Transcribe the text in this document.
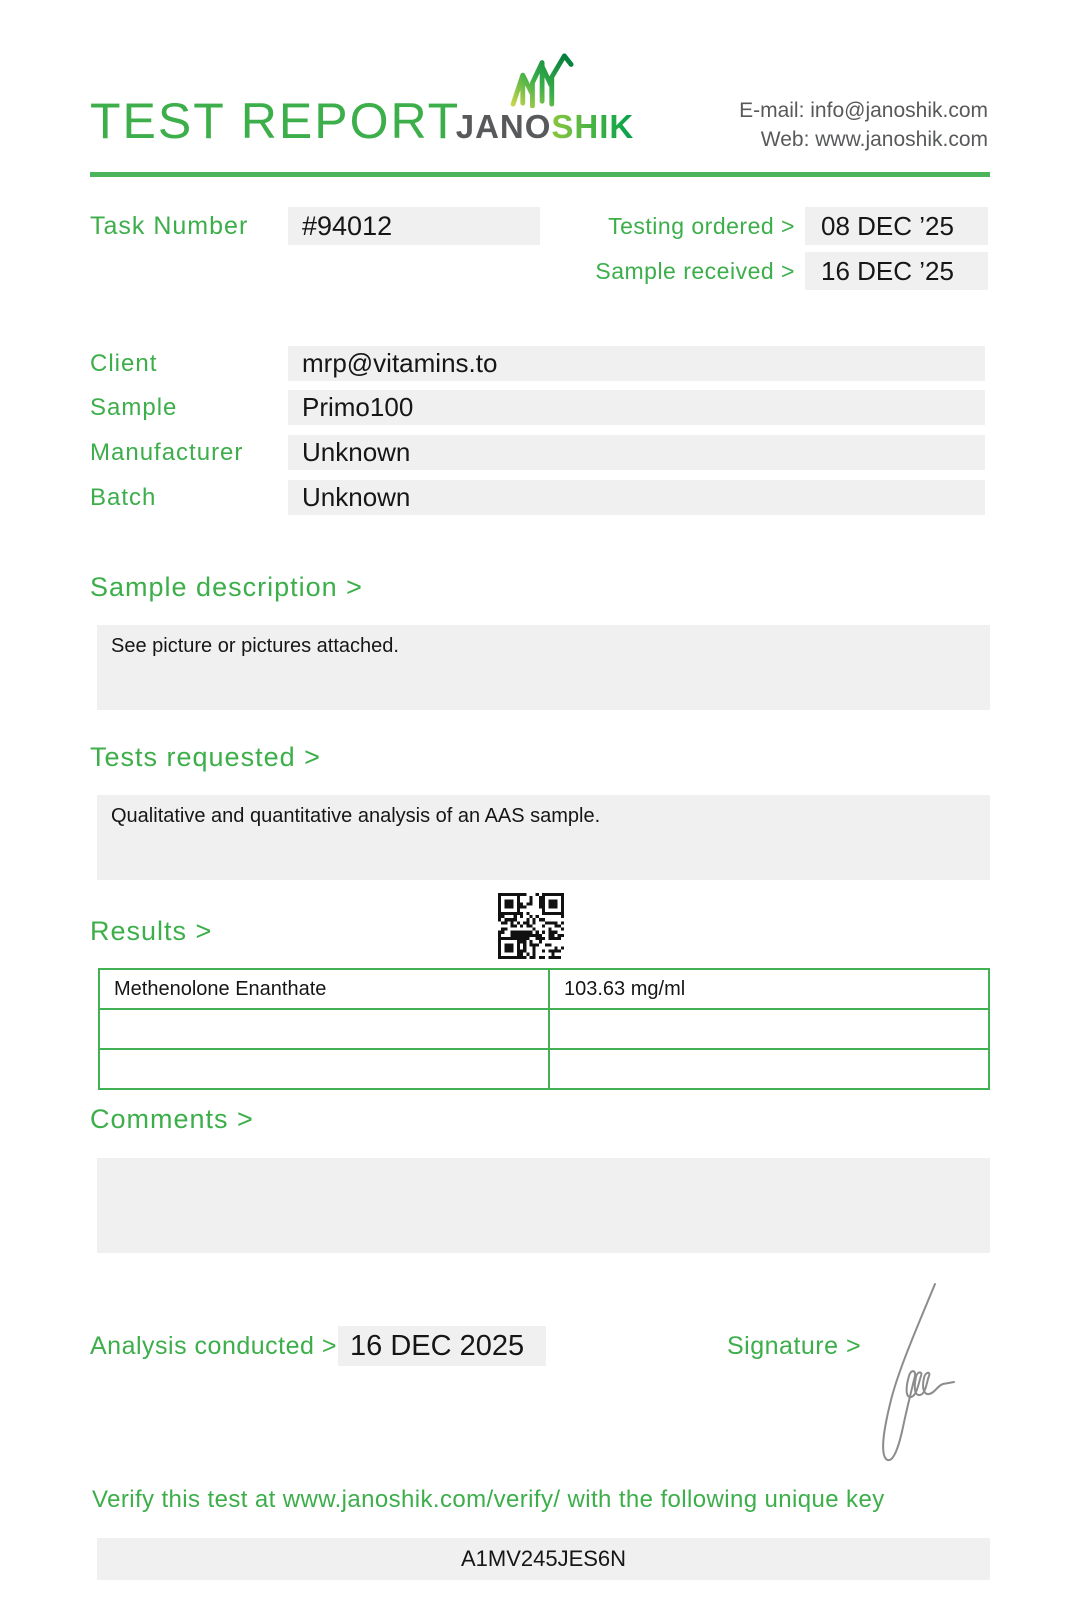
TEST REPORT
JANOSHIK	E-mail: info@janoshik.com
Web: www.janoshik.com
Task Number	#94012	Testing ordered >	08 DEC ’25
Sample received >	16 DEC ’25
Client	mrp@vitamins.to
Sample	Primo100
Manufacturer	Unknown
Batch	Unknown
Sample description >
See picture or pictures attached.
Tests requested >
Qualitative and quantitative analysis of an AAS sample.
Results >
Methenolone Enanthate	103.63 mg/ml
Comments >
Analysis conducted > 16 DEC 2025	Signature >
Verify this test at www.janoshik.com/verify/ with the following unique key
A1MV245JES6N
